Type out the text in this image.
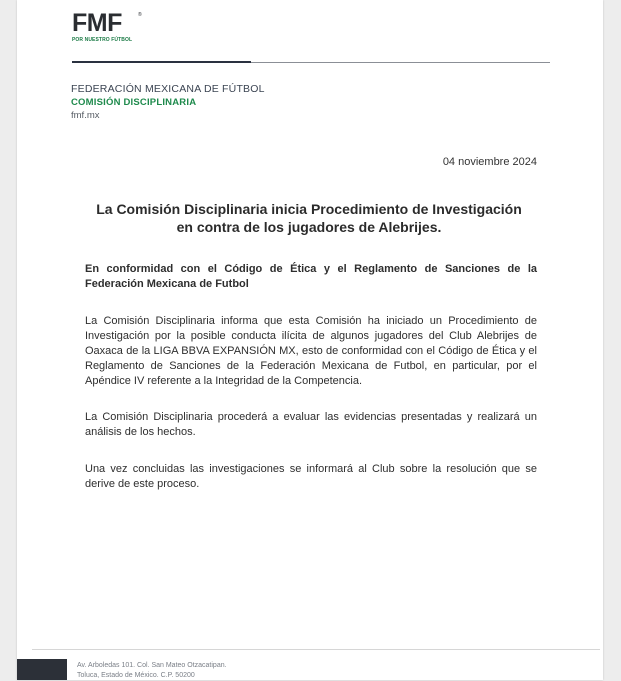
FMF	®
POR NUESTRO FÚTBOL
FEDERACIÓN MEXICANA DE FÚTBOL
COMISIÓN DISCIPLINARIA
fmf.mx
04 noviembre 2024
La Comisión Disciplinaria inicia Procedimiento de Investigación
en contra de los jugadores de Alebrijes.
En conformidad con el Código de Ética y el Reglamento de Sanciones de la Federación Mexicana de Futbol
La Comisión Disciplinaria informa que esta Comisión ha iniciado un Procedimiento de Investigación por la posible conducta ilícita de algunos jugadores del Club Alebrijes de Oaxaca de la LIGA BBVA EXPANSIÓN MX, esto de conformidad con el Código de Ética y el Reglamento de Sanciones de la Federación Mexicana de Futbol, en particular, por el Apéndice IV referente a la Integridad de la Competencia.
La Comisión Disciplinaria procederá a evaluar las evidencias presentadas y realizará un análisis de los hechos.
Una vez concluidas las investigaciones se informará al Club sobre la resolución que se derive de este proceso.
Av. Arboledas 101. Col. San Mateo Otzacatipan.
Toluca, Estado de México. C.P. 50200
